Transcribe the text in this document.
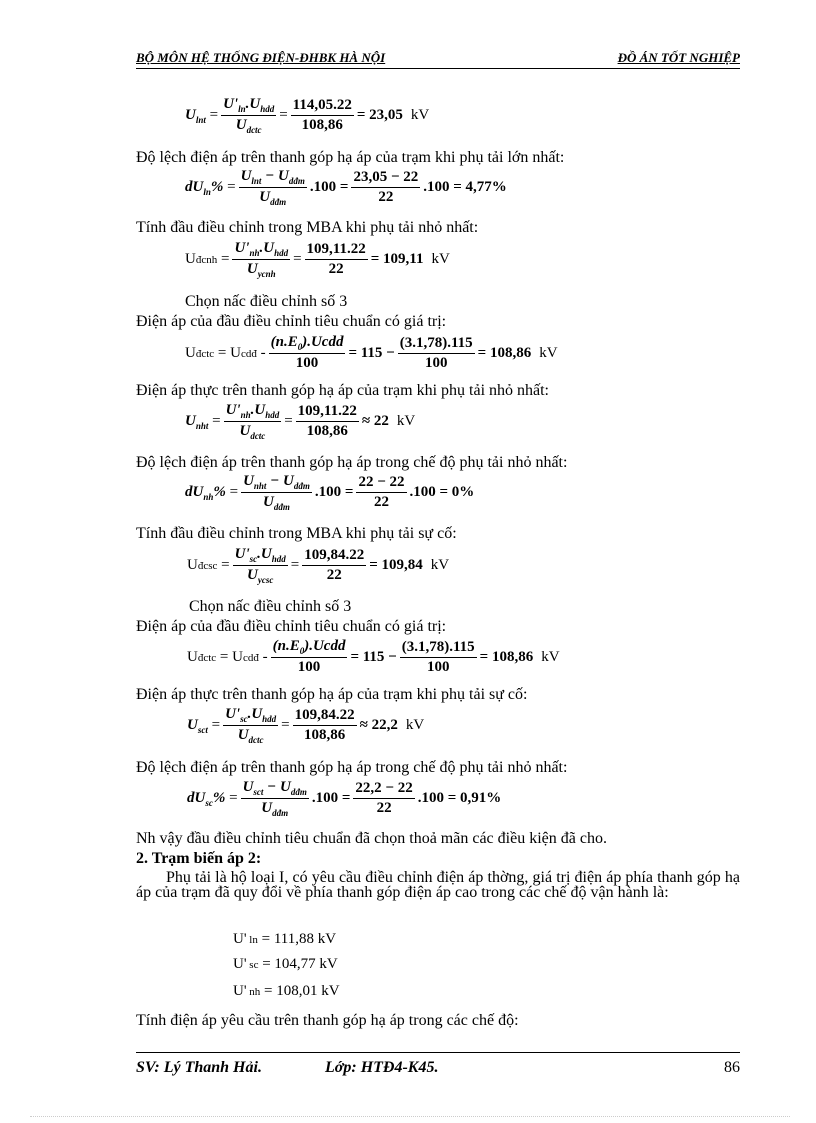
BỘ MÔN HỆ THỐNG ĐIỆN-ĐHBK HÀ NỘI	ĐỒ ÁN TỐT NGHIỆP
$U_{lnt} = \frac{U'_{ln}.U_{hdd}}{U_{dctc}} = \frac{114,05.22}{108,86} = 23,05$ kV
Độ lệch điện áp trên thanh góp hạ áp của trạm khi phụ tải lớn nhất:
$dU_{ln}\% = \frac{U_{lnt} - U_{dđm}}{U_{dđm}} .100 = \frac{23,05 - 22}{22} .100 = 4,77\%$
Tính đầu điều chỉnh trong MBA khi phụ tải nhỏ nhất:
Uđcnh = $\frac{U'_{nh}.U_{hdd}}{U_{ycnh}} = \frac{109,11.22}{22} = 109,11$ kV
Chọn nấc điều chỉnh số 3
Điện áp của đầu điều chỉnh tiêu chuẩn có giá trị:
Uđctc = Ucdđ - $\frac{(n.E_0).Ucdd}{100} = 115 - \frac{(3.1,78).115}{100} = 108,86$ kV
Điện áp thực trên thanh góp hạ áp của trạm khi phụ tải nhỏ nhất:
$U_{nht} = \frac{U'_{nh}.U_{hdd}}{U_{dctc}} = \frac{109,11.22}{108,86} \approx 22$ kV
Độ lệch điện áp trên thanh góp hạ áp trong chế độ phụ tải nhỏ nhất:
$dU_{nh}\% = \frac{U_{nht} - U_{dđm}}{U_{dđm}} .100 = \frac{22 - 22}{22} .100 = 0\%$
Tính đầu điều chỉnh trong MBA khi phụ tải sự cố:
Uđcsc = $\frac{U'_{sc}.U_{hdd}}{U_{ycsc}} = \frac{109,84.22}{22} = 109,84$ kV
Chọn nấc điều chỉnh số 3
Điện áp của đầu điều chỉnh tiêu chuẩn có giá trị:
Uđctc = Ucdđ - $\frac{(n.E_0).Ucdd}{100} = 115 - \frac{(3.1,78).115}{100} = 108,86$ kV
Điện áp thực trên thanh góp hạ áp của trạm khi phụ tải sự cố:
$U_{sct} = \frac{U'_{sc}.U_{hdd}}{U_{dctc}} = \frac{109,84.22}{108,86} \approx 22,2$ kV
Độ lệch điện áp trên thanh góp hạ áp trong chế độ phụ tải nhỏ nhất:
$dU_{sc}\% = \frac{U_{sct} - U_{dđm}}{U_{dđm}} .100 = \frac{22,2 - 22}{22} .100 = 0,91\%$
Nh vậy đầu điều chỉnh tiêu chuẩn đã chọn thoả mãn các điều kiện đã cho.
2. Trạm biến áp 2:
Phụ tải là hộ loại I, có yêu cầu điều chỉnh điện áp thờng, giá trị điện áp phía thanh góp hạ áp của trạm đã quy đổi về phía thanh góp điện áp cao trong các chế độ vận hành là:
U' ln = 111,88 kV
U' sc = 104,77 kV
U' nh = 108,01 kV
Tính điện áp yêu cầu trên thanh góp hạ áp trong các chế độ:
SV: Lý Thanh Hải.	Lớp: HTĐ4-K45.	86
